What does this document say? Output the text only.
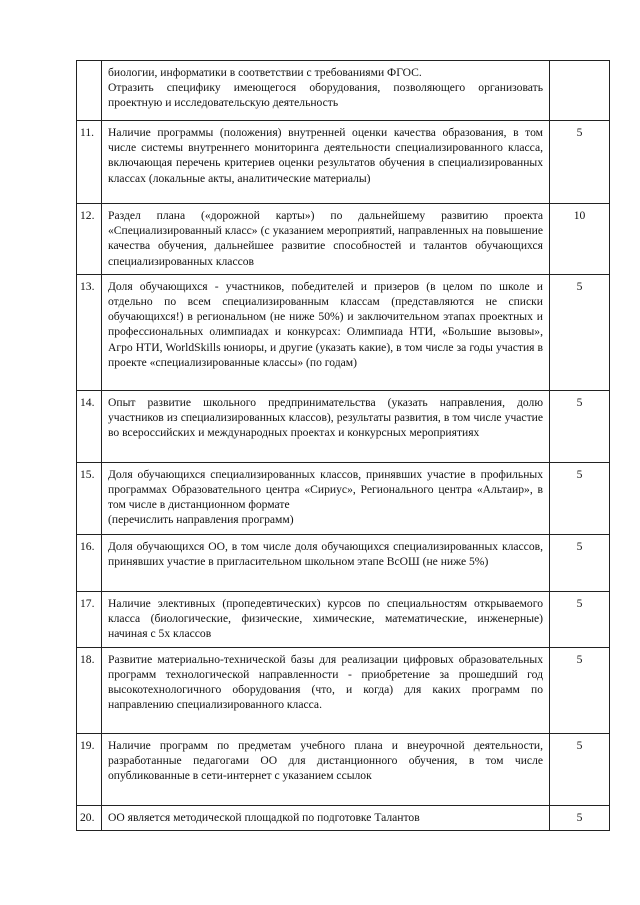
	биологии, информатики в соответствии с требованиями ФГОС.
Отразить специфику имеющегося оборудования, позволяющего организовать проектную и исследовательскую деятельность	

11.	Наличие программы (положения) внутренней оценки качества образования, в том числе системы внутреннего мониторинга деятельности специализированного класса, включающая перечень критериев оценки результатов обучения в специализированных классах (локальные акты, аналитические материалы)	5
12.	Раздел плана («дорожной карты») по дальнейшему развитию проекта «Специализированный класс» (с указанием мероприятий, направленных на повышение качества обучения, дальнейшее развитие способностей и талантов обучающихся специализированных классов	10
13.	Доля обучающихся - участников, победителей и призеров (в целом по школе и отдельно по всем специализированным классам (представляются не списки обучающихся!) в региональном (не ниже 50%) и заключительном этапах проектных и профессиональных олимпиадах и конкурсах: Олимпиада НТИ, «Большие вызовы», Агро НТИ, WorldSkills юниоры, и другие (указать какие), в том числе за годы участия в проекте «специализированные классы» (по годам)	5
14.	Опыт развитие школьного предпринимательства (указать направления, долю участников из специализированных классов), результаты развития, в том числе участие во всероссийских и международных проектах и конкурсных мероприятиях	5
15.	Доля обучающихся специализированных классов, принявших участие в профильных программах Образовательного центра «Сириус», Регионального центра «Альтаир», в том числе в дистанционном формате
(перечислить направления программ)	5
16.	Доля обучающихся ОО, в том числе доля обучающихся специализированных классов, принявших участие в пригласительном школьном этапе ВсОШ (не ниже 5%)	5
17.	Наличие элективных (пропедевтических) курсов по специальностям открываемого класса (биологические, физические, химические, математические, инженерные) начиная с 5х классов	5
18.	Развитие материально-технической базы для реализации цифровых образовательных программ технологической направленности - приобретение за прошедший год высокотехнологичного оборудования (что, и когда) для каких программ по направлению специализированного класса.	5
19.	Наличие программ по предметам учебного плана и внеурочной деятельности, разработанные педагогами ОО для дистанционного обучения, в том числе опубликованные в сети-интернет с указанием ссылок	5
20.	ОО является методической площадкой по подготовке Талантов	5
